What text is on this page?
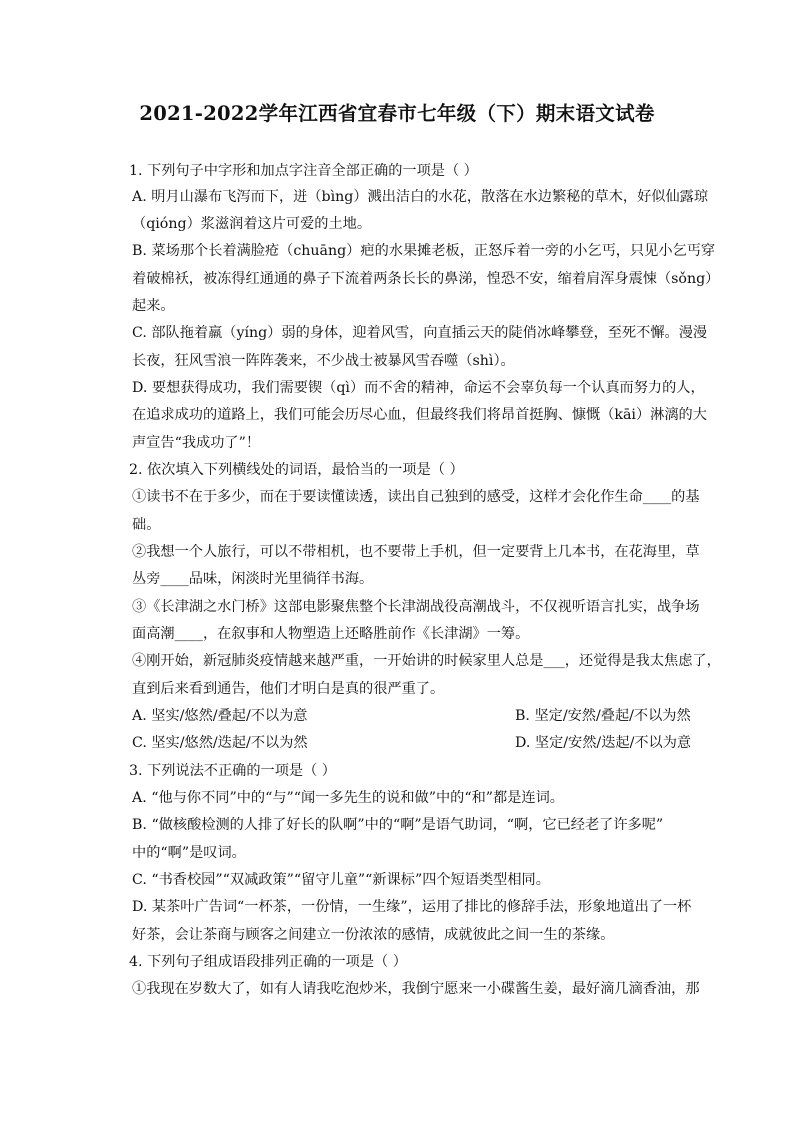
2021-2022学年江西省宜春市七年级（下）期末语文试卷
1. 下列句子中字形和加点字注音全部正确的一项是（ ）
A. 明月山瀑布飞泻而下，迸（bìng）溅出洁白的水花，散落在水边繁秘的草木，好似仙露琼
（qióng）浆滋润着这片可爱的土地。
B. 菜场那个长着满脸疮（chuāng）疤的水果摊老板，正怒斥着一旁的小乞丐，只见小乞丐穿
着破棉袄，被冻得红通通的鼻子下流着两条长长的鼻涕，惶恐不安，缩着肩浑身震悚（sǒng）
起来。
C. 部队拖着羸（yíng）弱的身体，迎着风雪，向直插云天的陡俏冰峰攀登，至死不懈。漫漫
长夜，狂风雪浪一阵阵袭来，不少战士被暴风雪吞噬（shì）。
D. 要想获得成功，我们需要锲（qì）而不舍的精神，命运不会辜负每一个认真而努力的人，
在追求成功的道路上，我们可能会历尽心血，但最终我们将昂首挺胸、慷慨（kāi）淋漓的大
声宣告“我成功了”！
2. 依次填入下列横线处的词语，最恰当的一项是（ ）
①读书不在于多少，而在于要读懂读透，读出自己独到的感受，这样才会化作生命____的基
础。
②我想一个人旅行，可以不带相机，也不要带上手机，但一定要背上几本书，在花海里，草
丛旁____品味，闲淡时光里徜徉书海。
③《长津湖之水门桥》这部电影聚焦整个长津湖战役高潮战斗，不仅视听语言扎实，战争场
面高潮____，在叙事和人物塑造上还略胜前作《长津湖》一筹。
④刚开始，新冠肺炎疫情越来越严重，一开始讲的时候家里人总是___，还觉得是我太焦虑了，
直到后来看到通告，他们才明白是真的很严重了。
A. 坚实/悠然/叠起/不以为意	B. 坚定/安然/叠起/不以为然
C. 坚实/悠然/迭起/不以为然	D. 坚定/安然/迭起/不以为意
3. 下列说法不正确的一项是（ ）
A. “他与你不同”中的“与”“闻一多先生的说和做”中的“和”都是连词。
B. “做核酸检测的人排了好长的队啊”中的“啊”是语气助词，“啊，它已经老了许多呢”
中的“啊”是叹词。
C. “书香校园”“双减政策”“留守儿童”“新课标”四个短语类型相同。
D. 某茶叶广告词“一杯茶，一份情，一生缘”，运用了排比的修辞手法，形象地道出了一杯
好茶，会让茶商与顾客之间建立一份浓浓的感情，成就彼此之间一生的茶缘。
4. 下列句子组成语段排列正确的一项是（ ）
①我现在岁数大了，如有人请我吃泡炒米，我倒宁愿来一小碟酱生姜，最好滴几滴香油，那
